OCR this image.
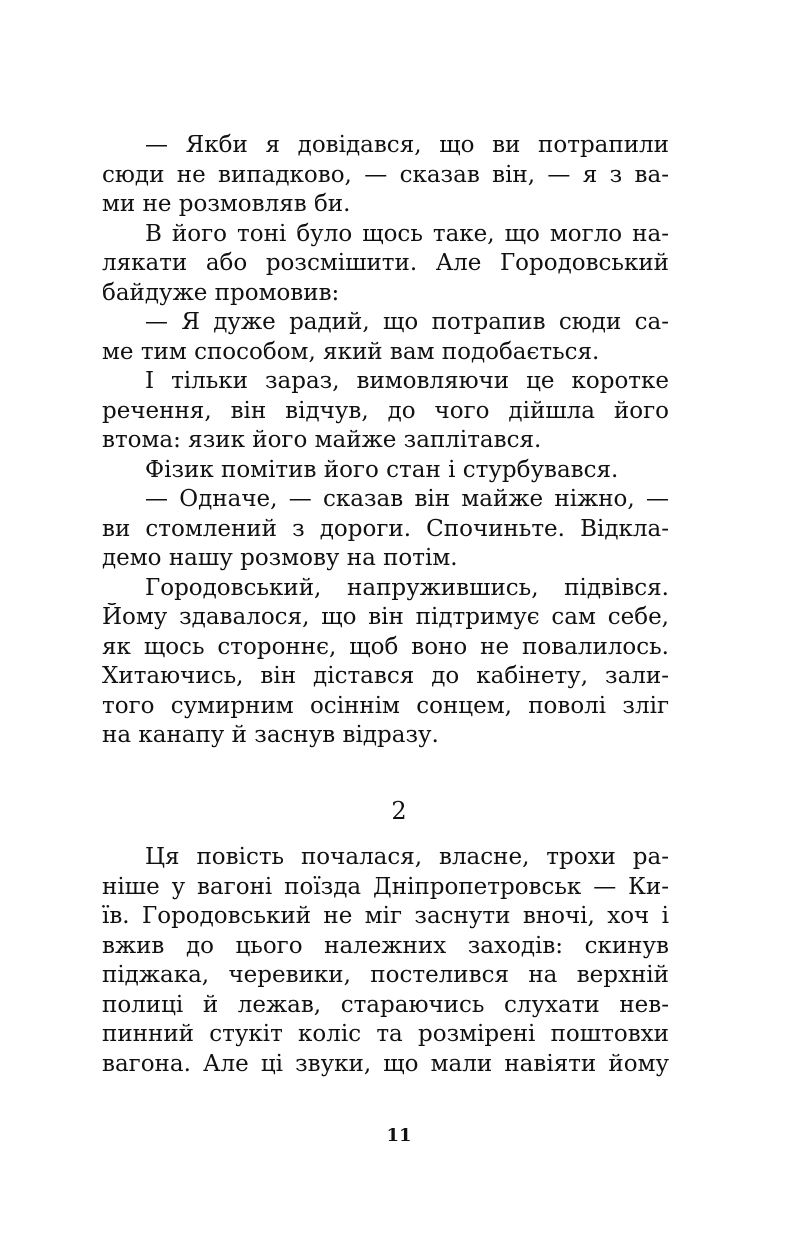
— Якби я довідався, що ви потрапили
сюди не випадково, — сказав він, — я з ва-
ми не розмовляв би.
В його тоні було щось таке, що могло на-
лякати або розсмішити. Але Городовський
байдуже промовив:
— Я дуже радий, що потрапив сюди са-
ме тим способом, який вам подобається.
І тільки зараз, вимовляючи це коротке
речення, він відчув, до чого дійшла його
втома: язик його майже заплітався.
Фізик помітив його стан і стурбувався.
— Одначе, — сказав він майже ніжно, —
ви стомлений з дороги. Спочиньте. Відкла-
демо нашу розмову на потім.
Городовський, напружившись, підвівся.
Йому здавалося, що він підтримує сам себе,
як щось стороннє, щоб воно не повалилось.
Хитаючись, він дістався до кабінету, зали-
того сумирним осіннім сонцем, поволі зліг
на канапу й заснув відразу.
2
Ця повість почалася, власне, трохи ра-
ніше у вагоні поїзда Дніпропетровськ — Ки-
їв. Городовський не міг заснути вночі, хоч і
вжив до цього належних заходів: скинув
піджака, черевики, постелився на верхній
полиці й лежав, стараючись слухати нев-
пинний стукіт коліс та розмірені поштовхи
вагона. Але ці звуки, що мали навіяти йому
11
